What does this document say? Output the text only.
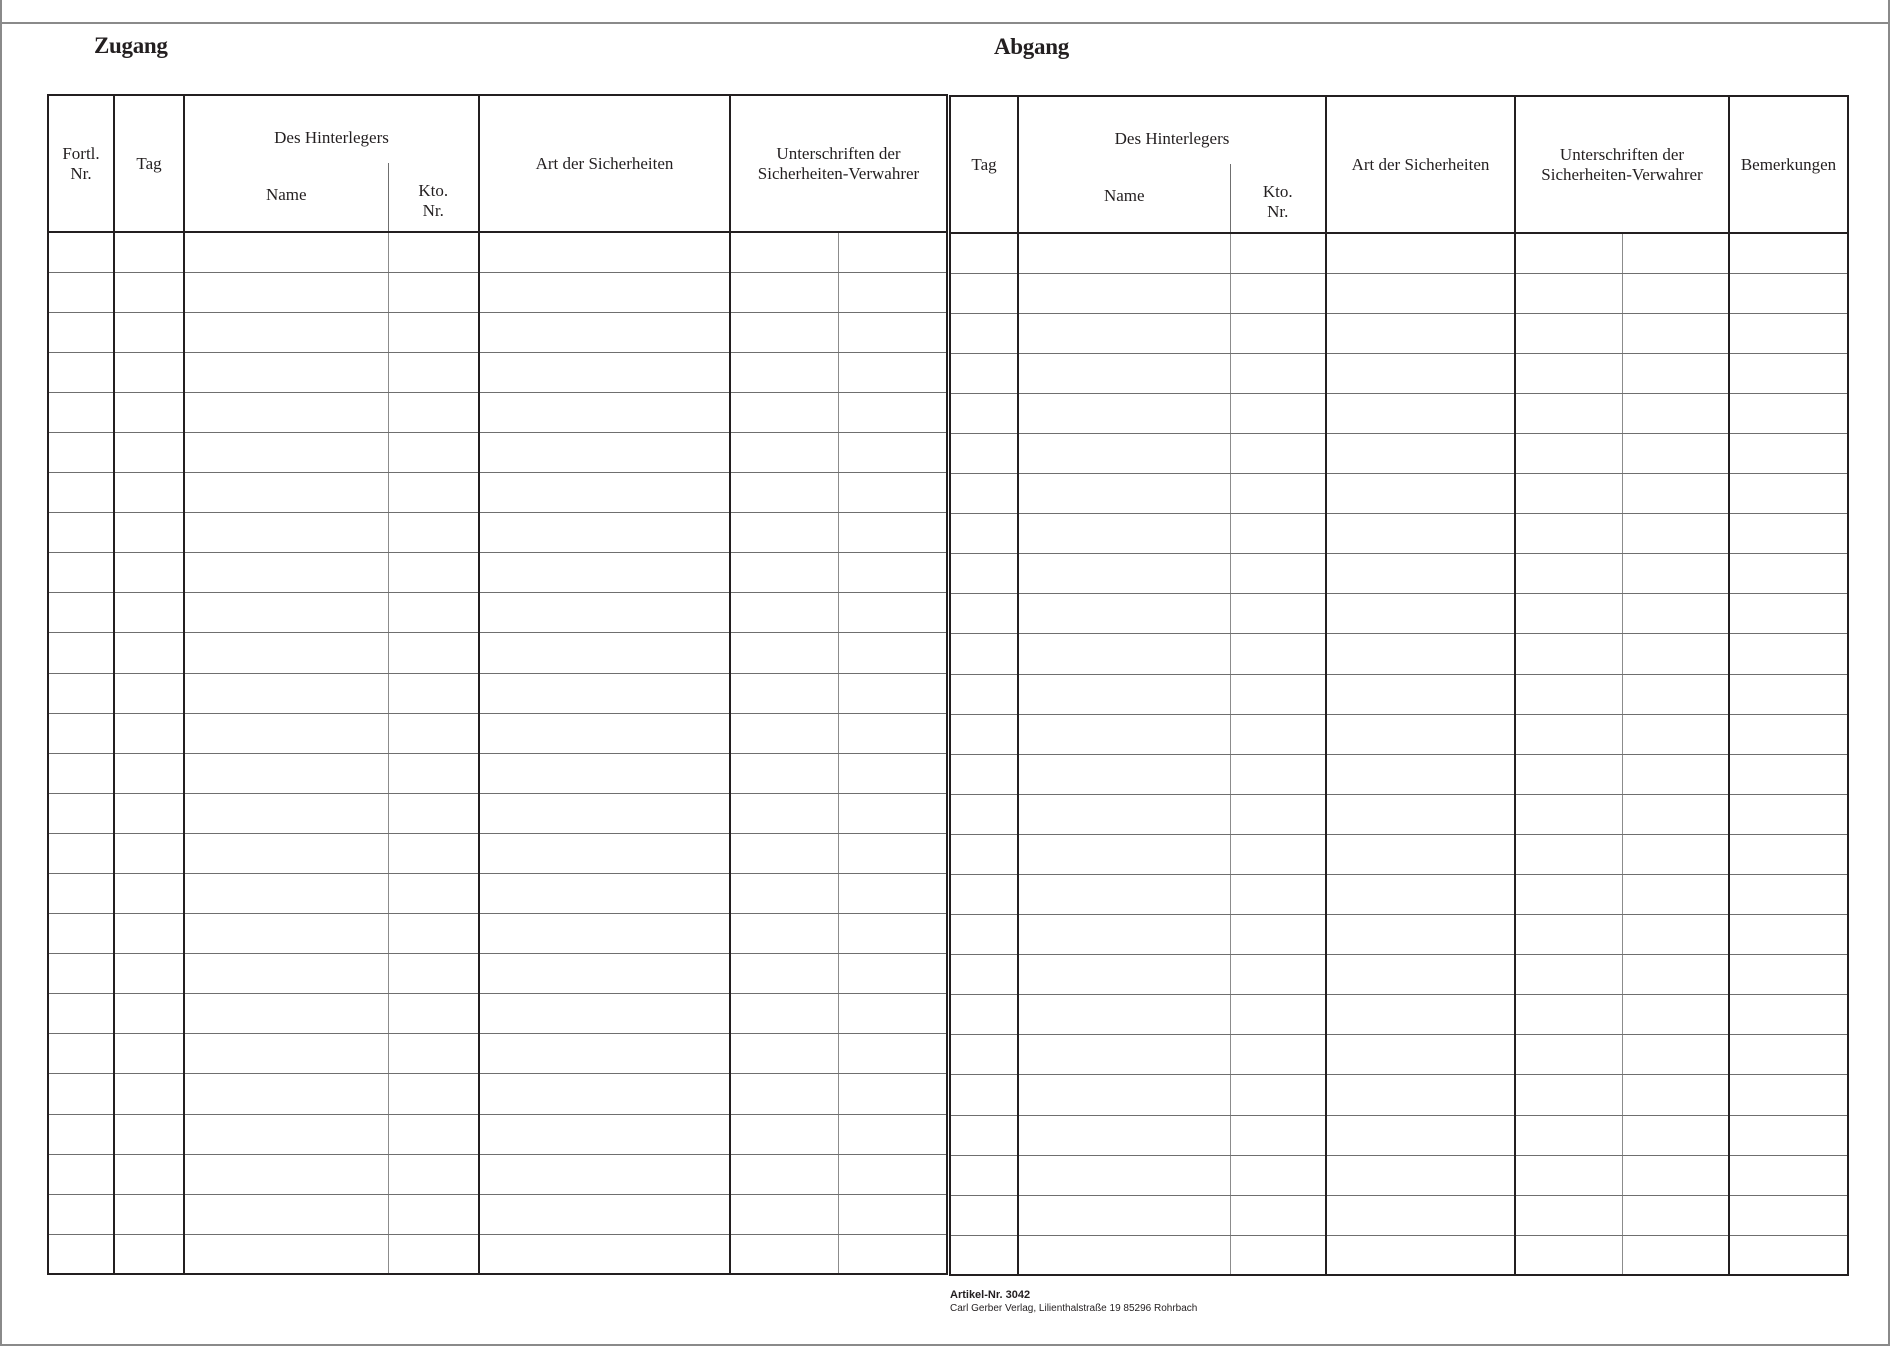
Zugang	Abgang
Fortl. Nr.	Tag	Des Hinterlegers		Art der Sicherheiten	Unterschriften der Sicherheiten-Verwahrer	
		Name	Kto. Nr.			

Tag	Des Hinterlegers		Art der Sicherheiten	Unterschriften der Sicherheiten-Verwahrer		Bemerkungen
	Name	Kto. Nr.				

Artikel-Nr. 3042
Carl Gerber Verlag, Lilienthalstraße 19 85296 Rohrbach
